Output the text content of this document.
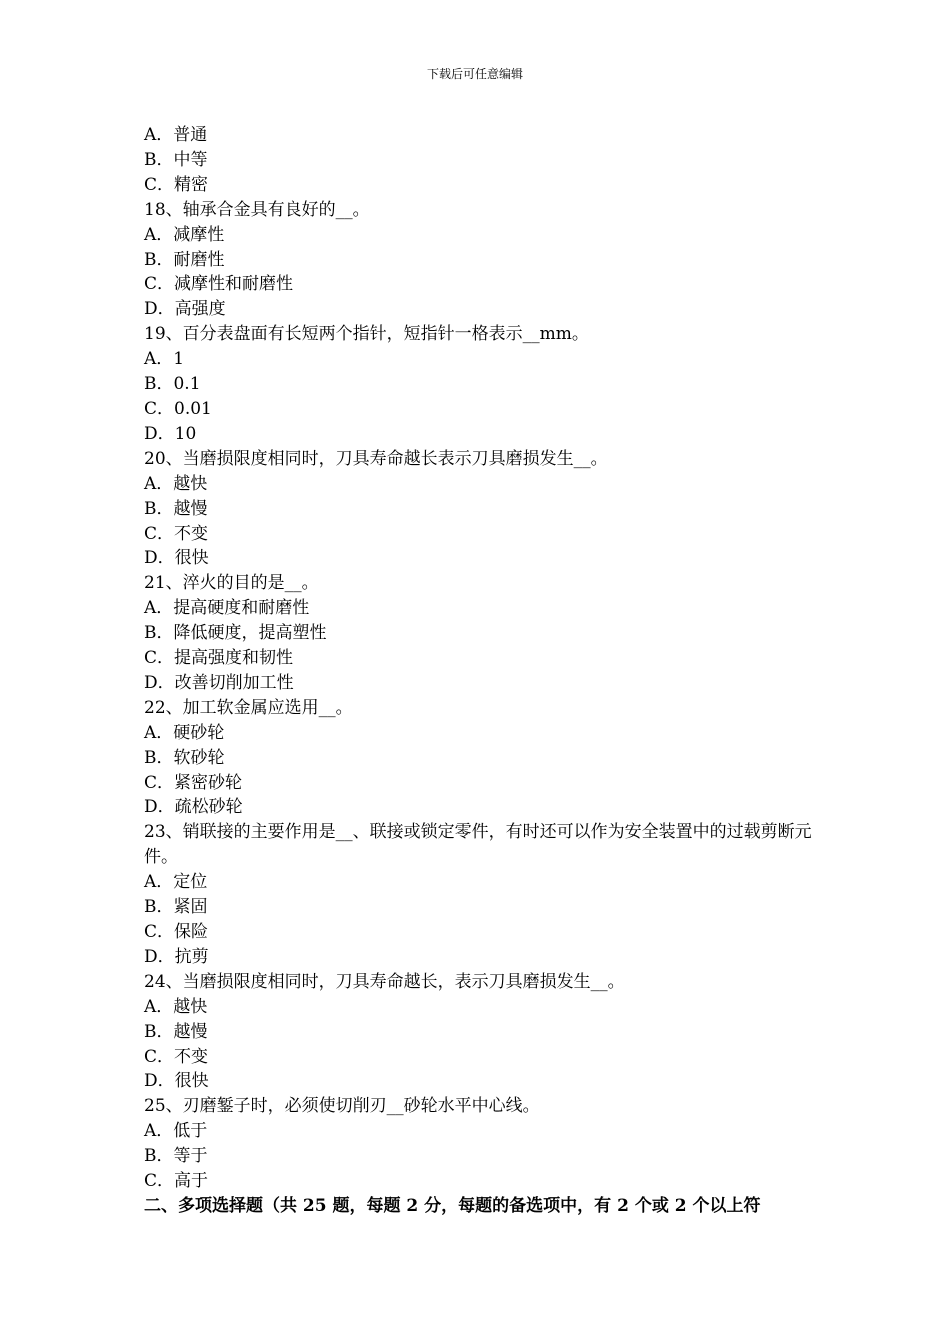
下载后可任意编辑
A．普通
B．中等
C．精密
18、轴承合金具有良好的__。
A．减摩性
B．耐磨性
C．减摩性和耐磨性
D．高强度
19、百分表盘面有长短两个指针，短指针一格表示__mm。
A．1
B．0.1
C．0.01
D．10
20、当磨损限度相同时，刀具寿命越长表示刀具磨损发生__。
A．越快
B．越慢
C．不变
D．很快
21、淬火的目的是__。
A．提高硬度和耐磨性
B．降低硬度，提高塑性
C．提高强度和韧性
D．改善切削加工性
22、加工软金属应选用__。
A．硬砂轮
B．软砂轮
C．紧密砂轮
D．疏松砂轮
23、销联接的主要作用是__、联接或锁定零件，有时还可以作为安全装置中的过载剪断元件。
A．定位
B．紧固
C．保险
D．抗剪
24、当磨损限度相同时，刀具寿命越长，表示刀具磨损发生__。
A．越快
B．越慢
C．不变
D．很快
25、刃磨錾子时，必须使切削刃__砂轮水平中心线。
A．低于
B．等于
C．高于
二、多项选择题（共 25 题，每题 2 分，每题的备选项中，有 2 个或 2 个以上符
